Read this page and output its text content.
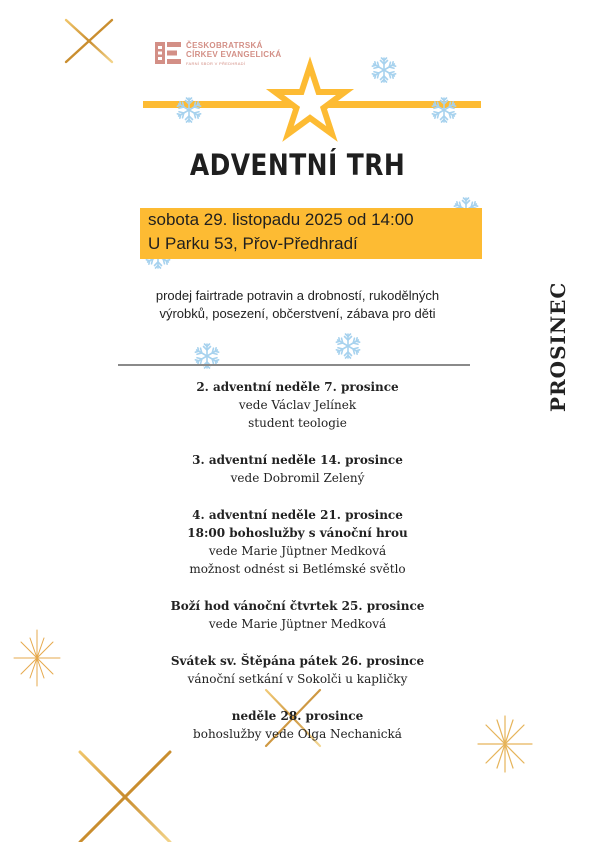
ČESKOBRATRSKÁ
CÍRKEV EVANGELICKÁ
FARNÍ SBOR V PŘEDHRADÍ
ADVENTNÍ TRH
sobota 29. listopadu 2025 od 14:00
U Parku 53, Přov-Předhradí
prodej fairtrade potravin a drobností, rukodělných
výrobků, posezení, občerstvení, zábava pro děti	PROSINEC
2. adventní neděle 7. prosince
vede Václav Jelínek
student teologie
3. adventní neděle 14. prosince
vede Dobromil Zelený
4. adventní neděle 21. prosince
18:00 bohoslužby s vánoční hrou
vede Marie Jüptner Medková
možnost odnést si Betlémské světlo
Boží hod vánoční čtvrtek 25. prosince
vede Marie Jüptner Medková
Svátek sv. Štěpána pátek 26. prosince
vánoční setkání v Sokolči u kapličky
neděle 28. prosince
bohoslužby vede Olga Nechanická
